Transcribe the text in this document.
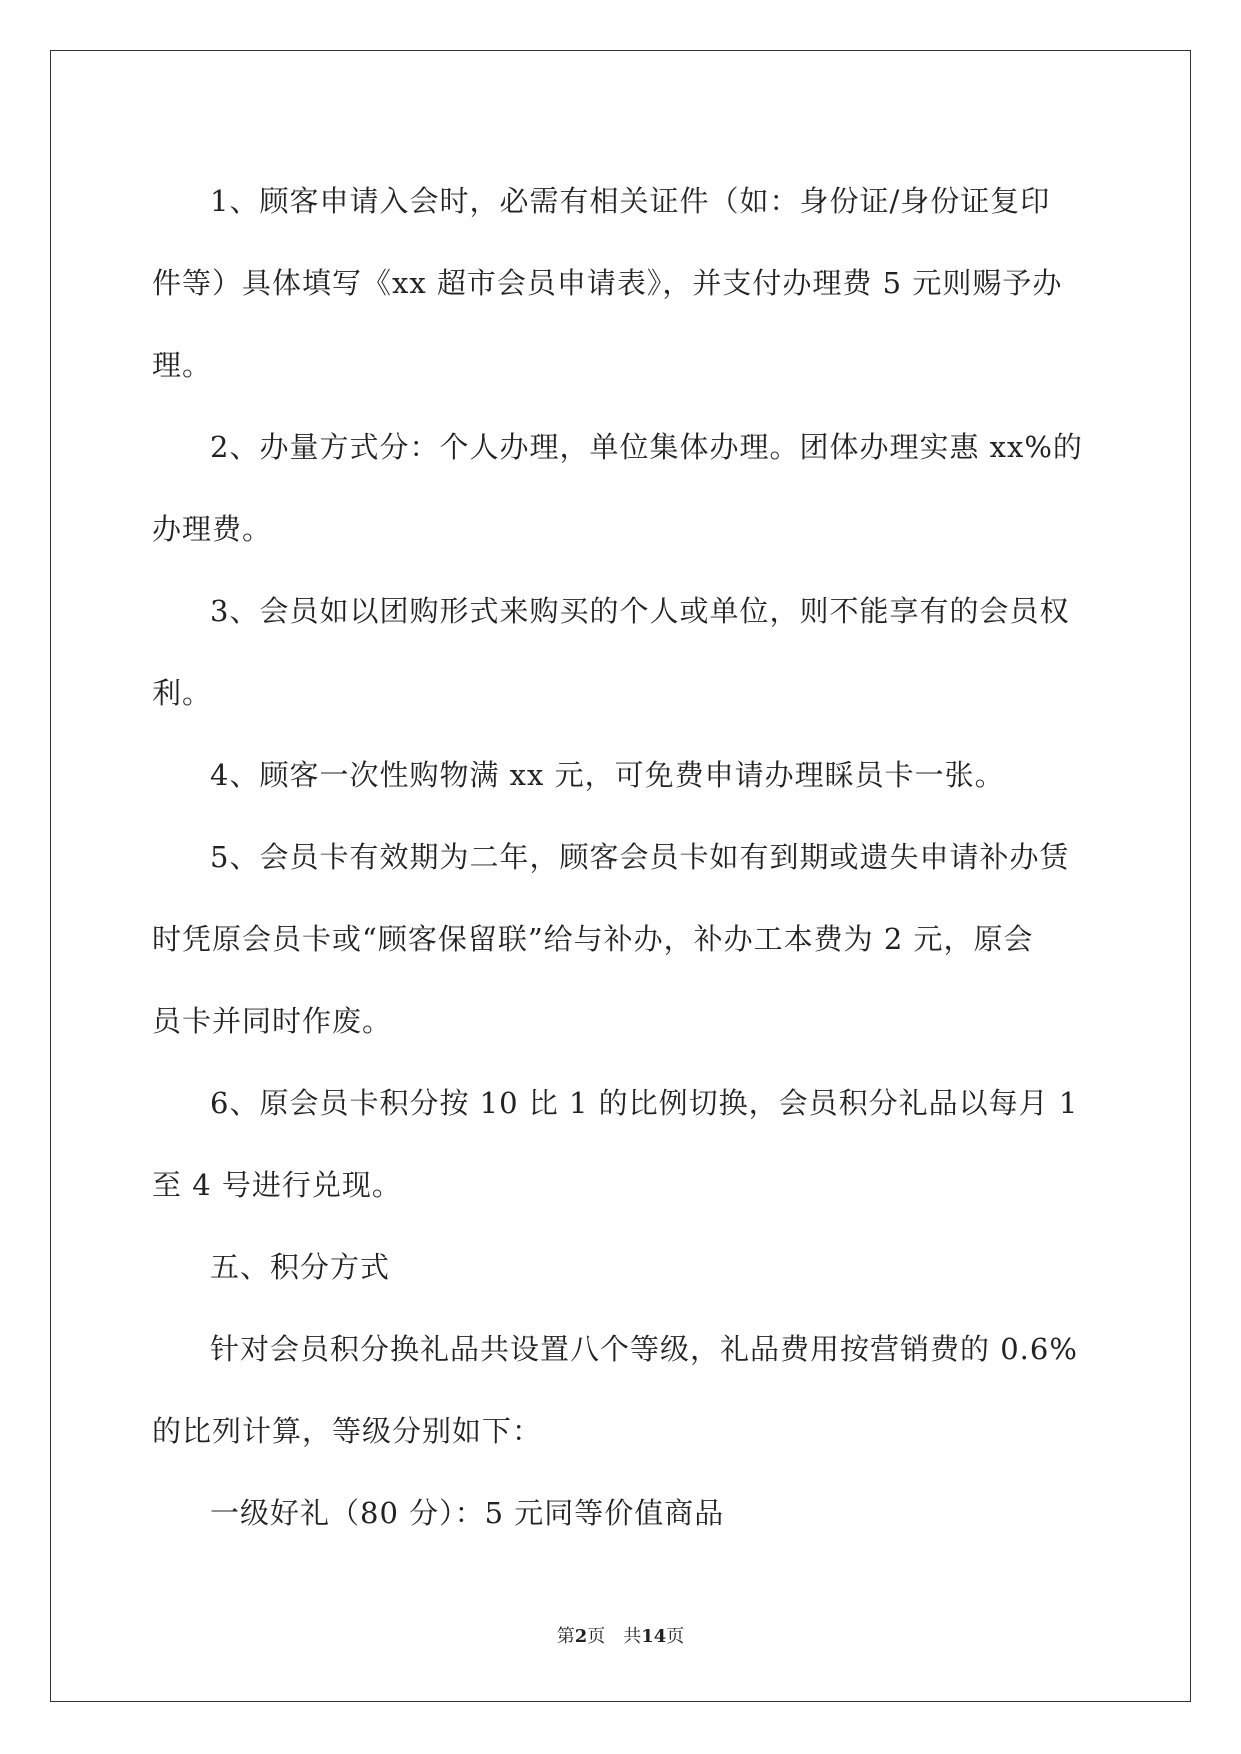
1、顾客申请入会时，必需有相关证件（如：身份证/身份证复印
件等）具体填写《xx 超市会员申请表》，并支付办理费 5 元则赐予办
理。
2、办量方式分：个人办理，单位集体办理。团体办理实惠 xx%的
办理费。
3、会员如以团购形式来购买的个人或单位，则不能享有的会员权
利。
4、顾客一次性购物满 xx 元，可免费申请办理睬员卡一张。
5、会员卡有效期为二年，顾客会员卡如有到期或遗失申请补办赁
时凭原会员卡或“顾客保留联”给与补办，补办工本费为 2 元，原会
员卡并同时作废。
6、原会员卡积分按 10 比 1 的比例切换，会员积分礼品以每月 1
至 4 号进行兑现。
五、积分方式
针对会员积分换礼品共设置八个等级，礼品费用按营销费的 0.6%
的比列计算，等级分别如下：
一级好礼（80 分）：5 元同等价值商品
第2页 共14页
